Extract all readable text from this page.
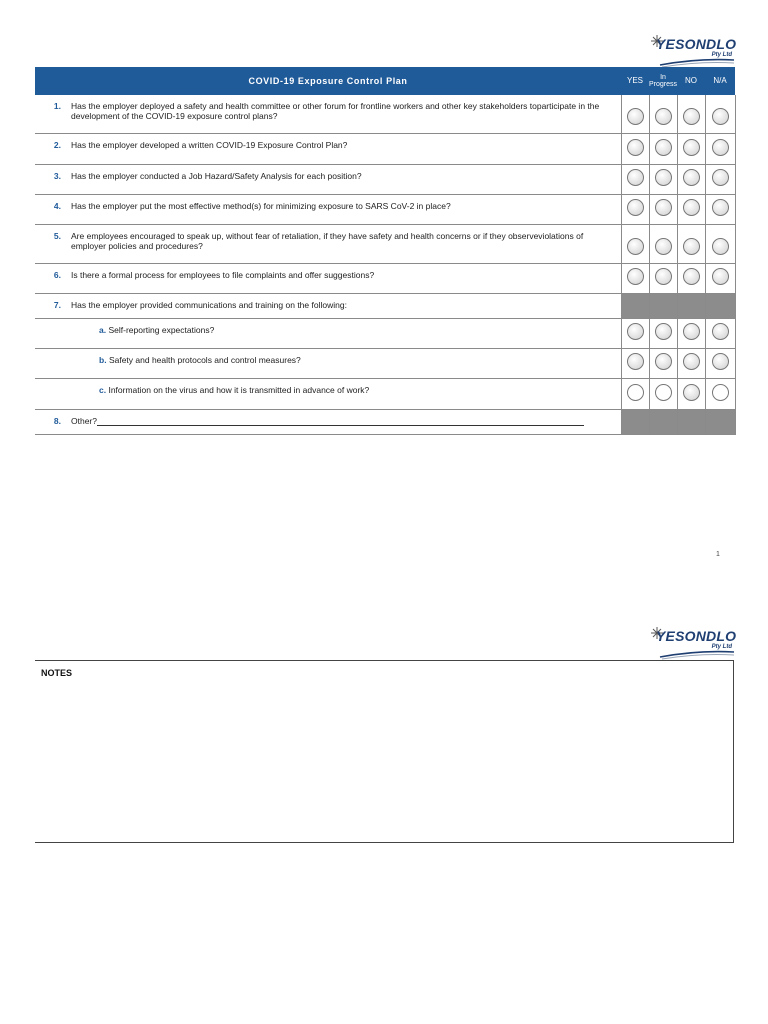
YESONDLO
Pty Ltd
COVID-19 Exposure Control Plan		YES	In Progress	NO	N/A
1.	Has the employer deployed a safety and health committee or other forum for frontline workers and other key stakeholders toparticipate in the development of the COVID-19 exposure control plans?				
2.	Has the employer developed a written COVID-19 Exposure Control Plan?				
3.	Has the employer conducted a Job Hazard/Safety Analysis for each position?				
4.	Has the employer put the most effective method(s) for minimizing exposure to SARS CoV-2 in place?				
5.	Are employees encouraged to speak up, without fear of retaliation, if they have safety and health concerns or if they observeviolations of employer policies and procedures?				
6.	Is there a formal process for employees to file complaints and offer suggestions?				
7.	Has the employer provided communications and training on the following:				
	a. Self-reporting expectations?				
	b. Safety and health protocols and control measures?				
	c. Information on the virus and how it is transmitted in advance of work?				
8.	Other?				
1
YESONDLO
Pty Ltd
NOTES
